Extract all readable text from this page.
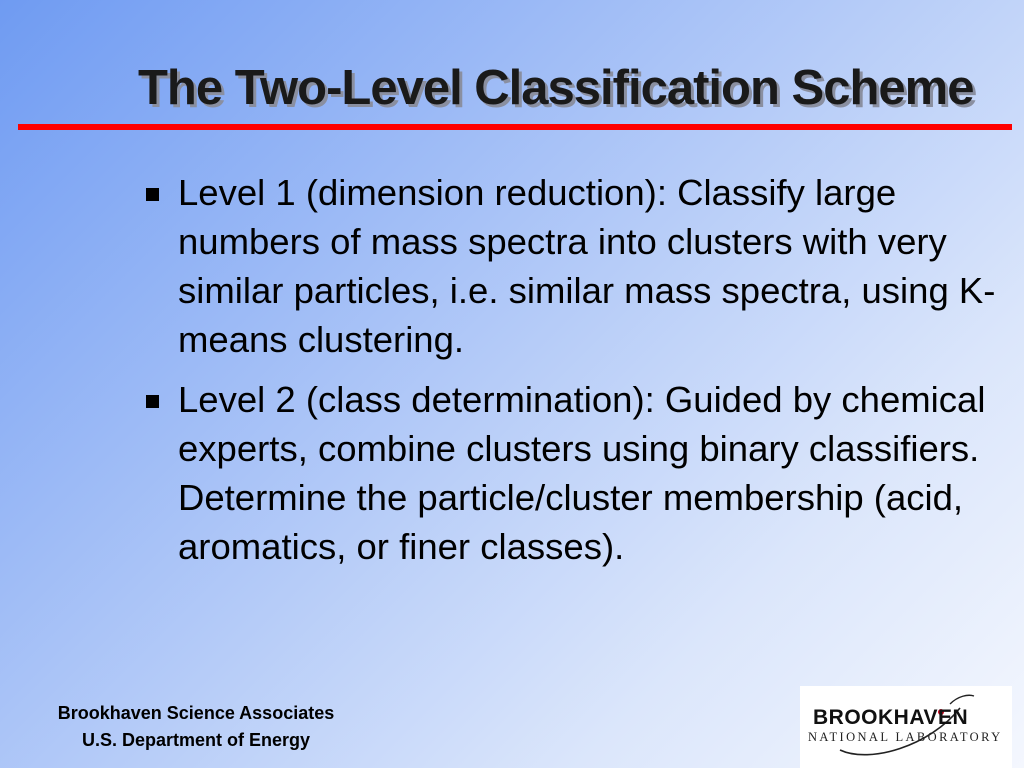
The Two-Level Classification Scheme
Level 1 (dimension reduction): Classify large numbers of mass spectra into clusters with very similar particles, i.e. similar mass spectra, using K-means clustering.
Level 2 (class determination): Guided by chemical experts, combine clusters using binary classifiers. Determine the particle/cluster membership (acid, aromatics, or finer classes).
Brookhaven Science Associates
U.S. Department of Energy
BROOKHAVEN
NATIONAL LABORATORY
